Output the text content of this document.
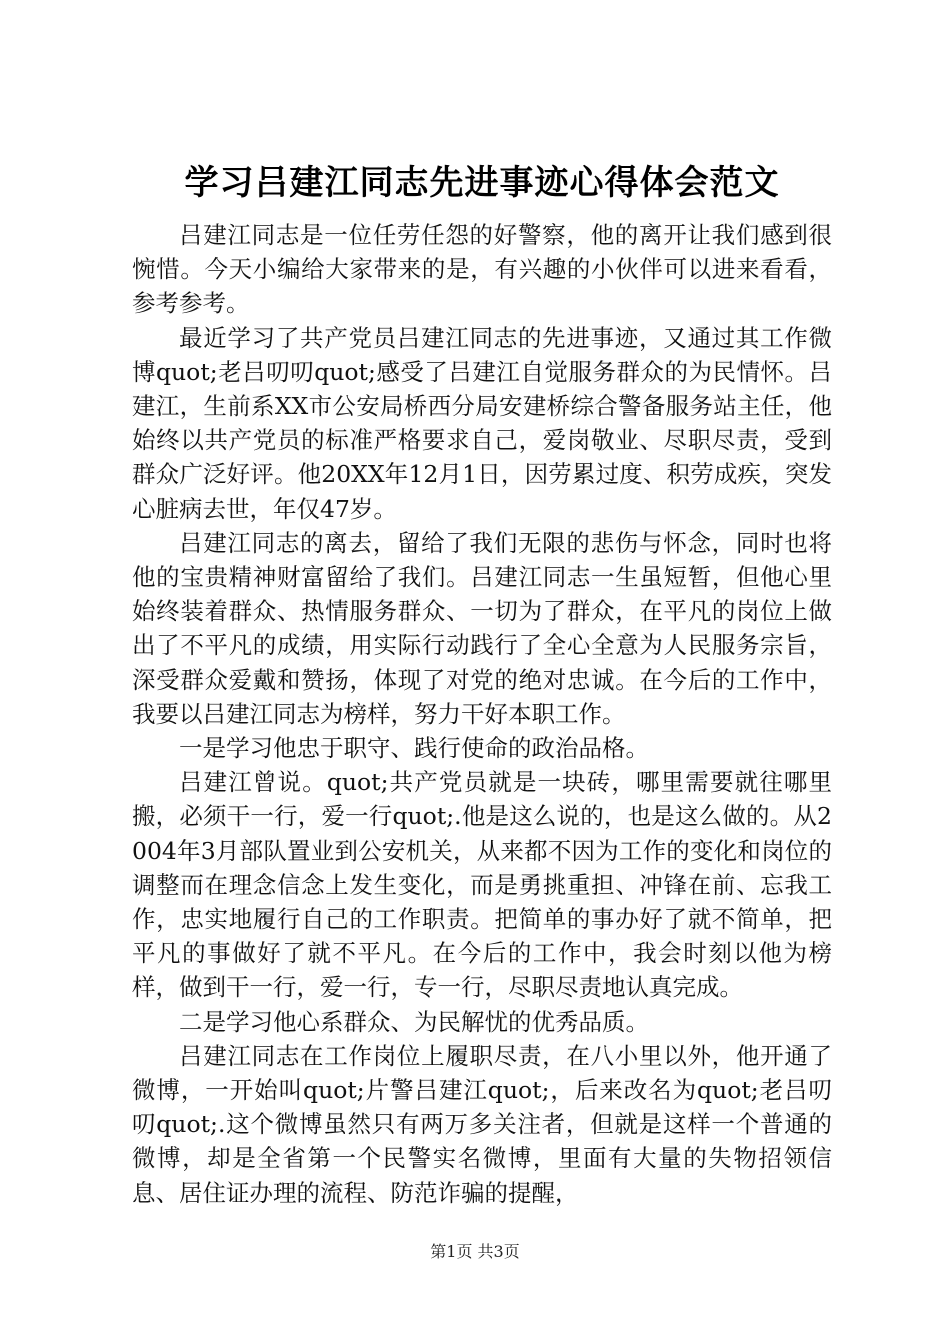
学习吕建江同志先进事迹心得体会范文

吕建江同志是一位任劳任怨的好警察，他的离开让我们感到很惋惜。今天小编给大家带来的是，有兴趣的小伙伴可以进来看看，参考参考。

最近学习了共产党员吕建江同志的先进事迹，又通过其工作微博quot;老吕叨叨quot;感受了吕建江自觉服务群众的为民情怀。吕建江，生前系XX市公安局桥西分局安建桥综合警备服务站主任，他始终以共产党员的标准严格要求自己，爱岗敬业、尽职尽责，受到群众广泛好评。他20XX年12月1日，因劳累过度、积劳成疾，突发心脏病去世，年仅47岁。

吕建江同志的离去，留给了我们无限的悲伤与怀念，同时也将他的宝贵精神财富留给了我们。吕建江同志一生虽短暂，但他心里始终装着群众、热情服务群众、一切为了群众，在平凡的岗位上做出了不平凡的成绩，用实际行动践行了全心全意为人民服务宗旨，深受群众爱戴和赞扬，体现了对党的绝对忠诚。在今后的工作中，我要以吕建江同志为榜样，努力干好本职工作。

一是学习他忠于职守、践行使命的政治品格。

吕建江曾说。quot;共产党员就是一块砖，哪里需要就往哪里搬，必须干一行，爱一行quot;.他是这么说的，也是这么做的。从2004年3月部队置业到公安机关，从来都不因为工作的变化和岗位的调整而在理念信念上发生变化，而是勇挑重担、冲锋在前、忘我工作，忠实地履行自己的工作职责。把简单的事办好了就不简单，把平凡的事做好了就不平凡。在今后的工作中，我会时刻以他为榜样，做到干一行，爱一行，专一行，尽职尽责地认真完成。

二是学习他心系群众、为民解忧的优秀品质。

吕建江同志在工作岗位上履职尽责，在八小里以外，他开通了微博，一开始叫quot;片警吕建江quot;，后来改名为quot;老吕叨叨quot;.这个微博虽然只有两万多关注者，但就是这样一个普通的微博，却是全省第一个民警实名微博，里面有大量的失物招领信息、居住证办理的流程、防范诈骗的提醒，

第1页 共3页
